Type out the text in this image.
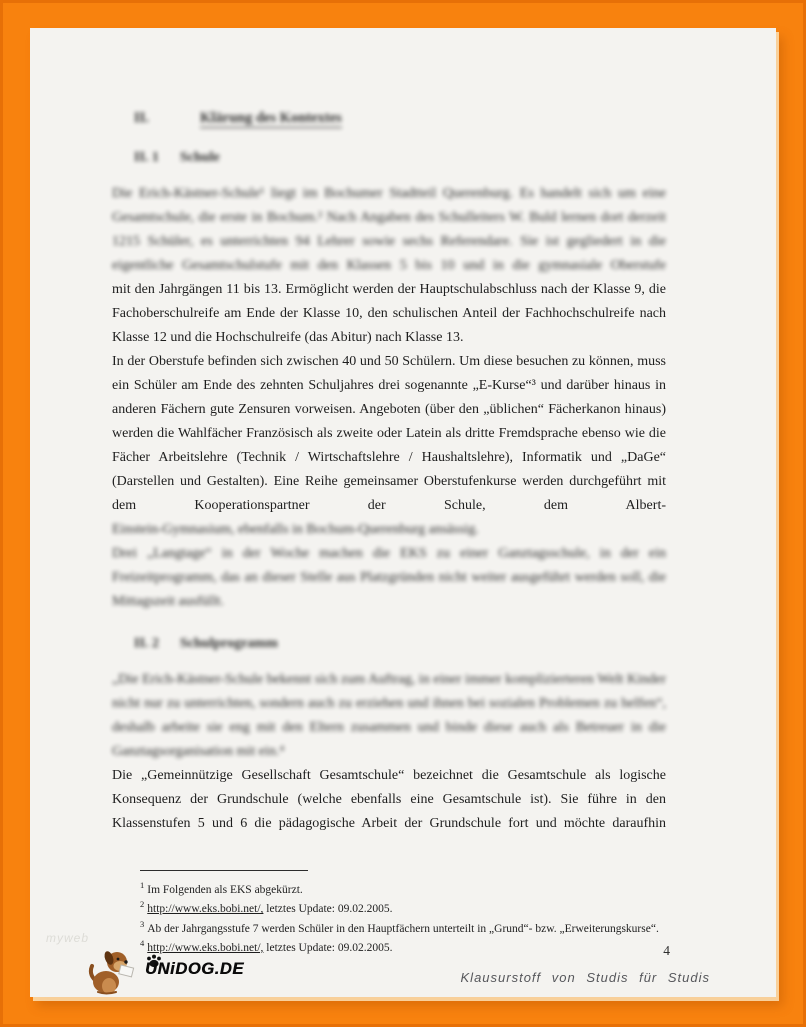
II.	Klärung des Kontextes
II. 1 Schule

Die Erich-Kästner-Schule¹ liegt im Bochumer Stadtteil Querenburg. Es handelt sich um eine Gesamtschule, die erste in Bochum.² Nach Angaben des Schulleiters W. Buld lernen dort derzeit 1215 Schüler, es unterrichten 94 Lehrer sowie sechs Referendare. Sie ist gegliedert in die eigentliche Gesamtschulstufe mit den Klassen 5 bis 10 und in die gymnasiale Oberstufe

mit den Jahrgängen 11 bis 13. Ermöglicht werden der Hauptschulabschluss nach der Klasse 9, die Fachoberschulreife am Ende der Klasse 10, den schulischen Anteil der Fachhochschulreife nach Klasse 12 und die Hochschulreife (das Abitur) nach Klasse 13.

In der Oberstufe befinden sich zwischen 40 und 50 Schülern. Um diese besuchen zu können, muss ein Schüler am Ende des zehnten Schuljahres drei sogenannte „E-Kurse“³ und darüber hinaus in anderen Fächern gute Zensuren vorweisen. Angeboten (über den „üblichen“ Fächerkanon hinaus) werden die Wahlfächer Französisch als zweite oder Latein als dritte Fremdsprache ebenso wie die Fächer Arbeitslehre (Technik / Wirtschaftslehre / Haushaltslehre), Informatik und „DaGe“ (Darstellen und Gestalten). Eine Reihe gemeinsamer Oberstufenkurse werden durchgeführt mit dem Kooperationspartner der Schule, dem Albert-

Einstein-Gymnasium, ebenfalls in Bochum-Querenburg ansässig.

Drei „Langtage“ in der Woche machen die EKS zu einer Ganztagsschule, in der ein Freizeitprogramm, das an dieser Stelle aus Platzgründen nicht weiter ausgeführt werden soll, die Mittagszeit ausfüllt.

II. 2 Schulprogramm

„Die Erich-Kästner-Schule bekennt sich zum Auftrag, in einer immer komplizierteren Welt Kinder nicht nur zu unterrichten, sondern auch zu erziehen und ihnen bei sozialen Problemen zu helfen“, deshalb arbeite sie eng mit den Eltern zusammen und binde diese auch als Betreuer in die Ganztagsorganisation mit ein.⁴

Die „Gemeinnützige Gesellschaft Gesamtschule“ bezeichnet die Gesamtschule als logische Konsequenz der Grundschule (welche ebenfalls eine Gesamtschule ist). Sie führe in den Klassenstufen 5 und 6 die pädagogische Arbeit der Grundschule fort und möchte daraufhin

$^1$ Im Folgenden als EKS abgekürzt.
$^2$ http://www.eks.bobi.net/, letztes Update: 09.02.2005.
$^3$ Ab der Jahrgangsstufe 7 werden Schüler in den Hauptfächern unterteilt in „Grund“- bzw. „Erweiterungskurse“.
$^4$ http://www.eks.bobi.net/, letztes Update: 09.02.2005.
myweb
4
UNiDOG.DE	Klausurstoff von Studis für Studis
